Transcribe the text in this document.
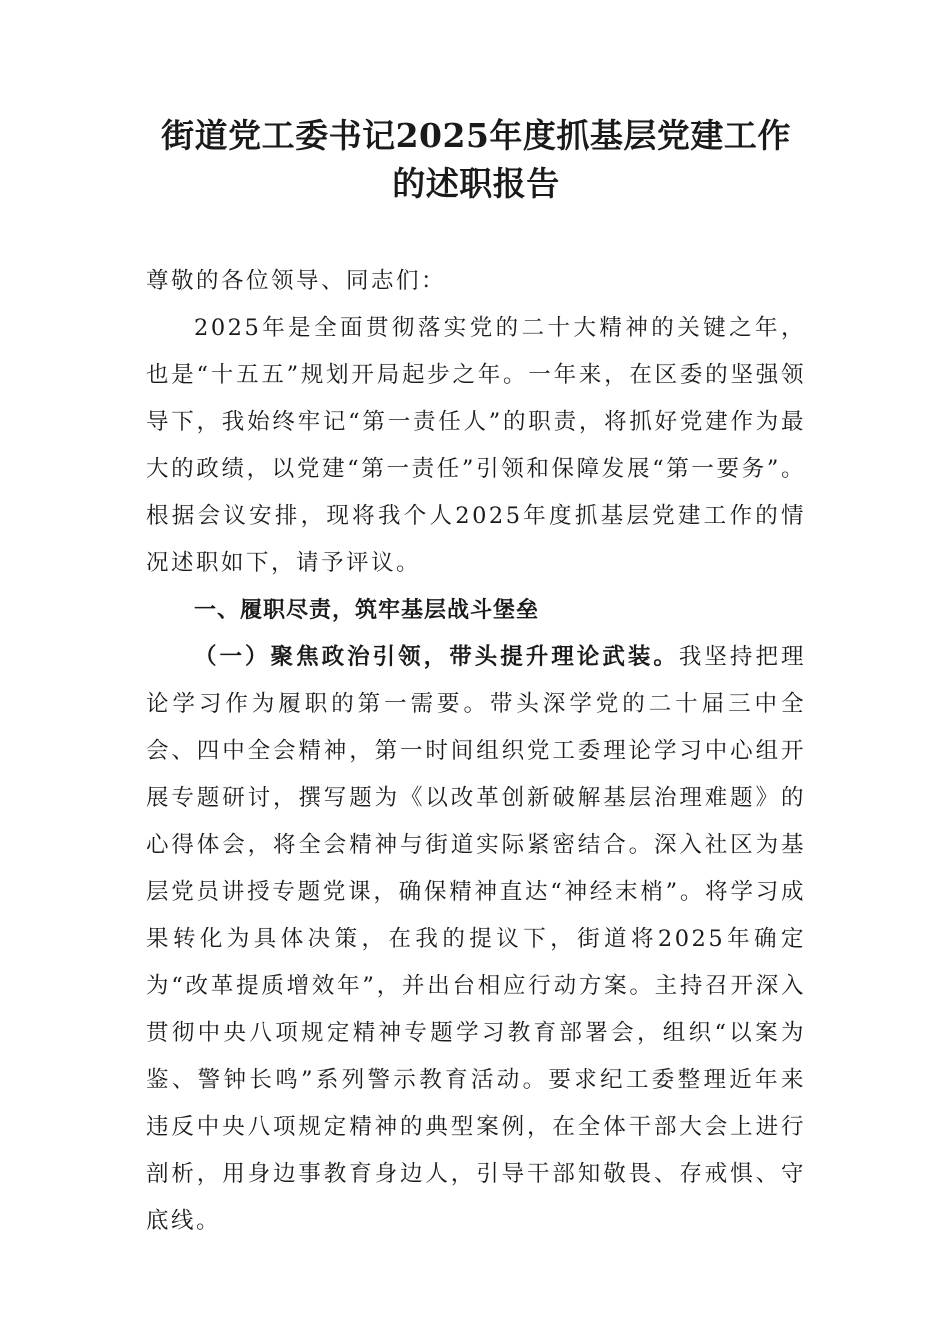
街道党工委书记2025年度抓基层党建工作
的述职报告

尊敬的各位领导、同志们：

2025年是全面贯彻落实党的二十大精神的关键之年，也是“十五五”规划开局起步之年。一年来，在区委的坚强领导下，我始终牢记“第一责任人”的职责，将抓好党建作为最大的政绩，以党建“第一责任”引领和保障发展“第一要务”。根据会议安排，现将我个人2025年度抓基层党建工作的情况述职如下，请予评议。

一、履职尽责，筑牢基层战斗堡垒

（一）聚焦政治引领，带头提升理论武装。我坚持把理论学习作为履职的第一需要。带头深学党的二十届三中全会、四中全会精神，第一时间组织党工委理论学习中心组开展专题研讨，撰写题为《以改革创新破解基层治理难题》的心得体会，将全会精神与街道实际紧密结合。深入社区为基层党员讲授专题党课，确保精神直达“神经末梢”。将学习成果转化为具体决策，在我的提议下，街道将2025年确定为“改革提质增效年”，并出台相应行动方案。主持召开深入贯彻中央八项规定精神专题学习教育部署会，组织“以案为鉴、警钟长鸣”系列警示教育活动。要求纪工委整理近年来违反中央八项规定精神的典型案例，在全体干部大会上进行剖析，用身边事教育身边人，引导干部知敬畏、存戒惧、守底线。
